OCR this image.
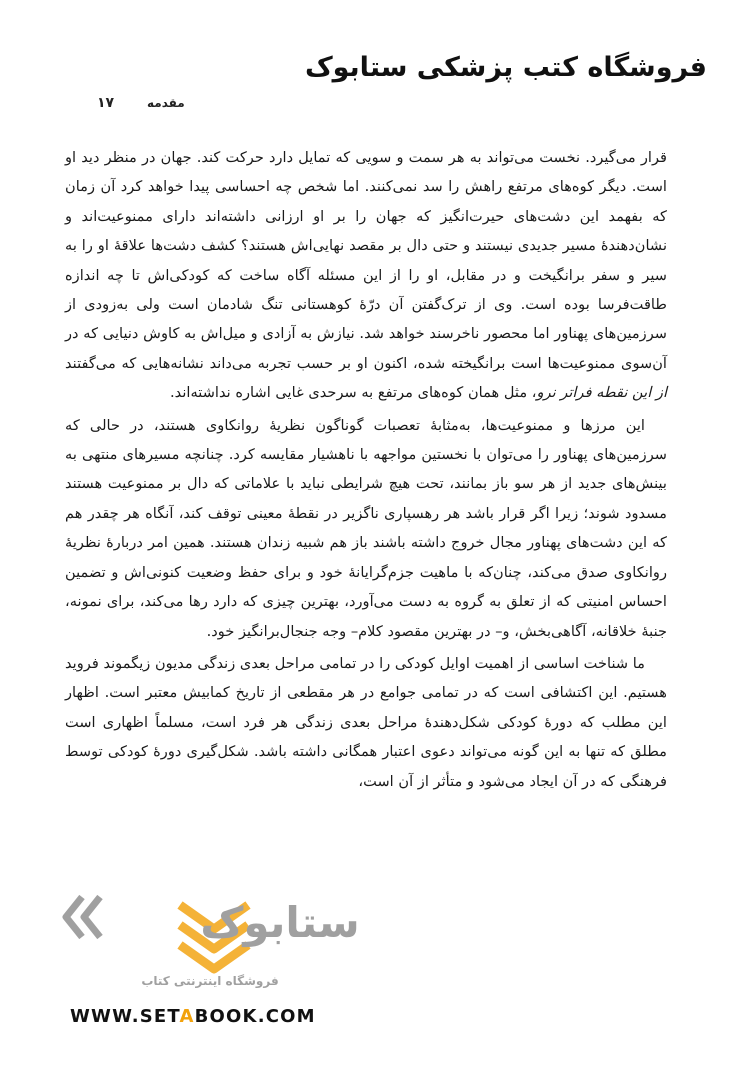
فروشگاه کتب پزشکی ستابوک
مقدمه
۱۷

قرار می‌گیرد. نخست می‌تواند به هر سمت و سویی که تمایل دارد حرکت کند. جهان در منظر دید او است. دیگر کوه‌های مرتفع راهش را سد نمی‌کنند. اما شخص چه احساسی پیدا خواهد کرد آن زمان که بفهمد این دشت‌های حیرت‌انگیز که جهان را بر او ارزانی داشته‌اند دارای ممنوعیت‌اند و نشان‌دهندهٔ مسیر جدیدی نیستند و حتی دال بر مقصد نهایی‌اش هستند؟ کشف دشت‌ها علاقهٔ او را به سیر و سفر برانگیخت و در مقابل، او را از این مسئله آگاه ساخت که کودکی‌اش تا چه اندازه طاقت‌فرسا بوده است. وی از ترک‌گفتن آن درّهٔ کوهستانی تنگ شادمان است ولی به‌زودی از سرزمین‌های پهناور اما محصور ناخرسند خواهد شد. نیازش به آزادی و میل‌اش به کاوش دنیایی که در آن‌سوی ممنوعیت‌ها است برانگیخته شده، اکنون او بر حسب تجربه می‌داند نشانه‌هایی که می‌گفتند از این نقطه فراتر نرو، مثل همان کوه‌های مرتفع به سرحدی غایی اشاره نداشته‌اند.

این مرزها و ممنوعیت‌ها، به‌مثابهٔ تعصبات گوناگون نظریهٔ روانکاوی هستند، در حالی که سرزمین‌های پهناور را می‌توان با نخستین مواجهه با ناهشیار مقایسه کرد. چنانچه مسیرهای منتهی به بینش‌های جدید از هر سو باز بمانند، تحت هیچ شرایطی نباید با علاماتی که دال بر ممنوعیت هستند مسدود شوند؛ زیرا اگر قرار باشد هر رهسپاری ناگزیر در نقطهٔ معینی توقف کند، آنگاه هر چقدر هم که این دشت‌های پهناور مجال خروج داشته باشند باز هم شبیه زندان هستند. همین امر دربارهٔ نظریهٔ روانکاوی صدق می‌کند، چنان‌که با ماهیت جزم‌گرایانهٔ خود و برای حفظ وضعیت کنونی‌اش و تضمین احساس امنیتی که از تعلق به گروه به دست می‌آورد، بهترین چیزی که دارد رها می‌کند، برای نمونه، جنبهٔ خلاقانه، آگاهی‌بخش، و– در بهترین مقصود کلام– وجه جنجال‌برانگیز خود.

ما شناخت اساسی از اهمیت اوایل کودکی را در تمامی مراحل بعدی زندگی مدیون زیگموند فروید هستیم. این اکتشافی است که در تمامی جوامع در هر مقطعی از تاریخ کمابیش معتبر است. اظهار این مطلب که دورهٔ کودکی شکل‌دهندهٔ مراحل بعدی زندگی هر فرد است، مسلماً اظهاری است مطلق که تنها به این گونه می‌تواند دعوی اعتبار همگانی داشته باشد. شکل‌گیری دورهٔ کودکی توسط فرهنگی که در آن ایجاد می‌شود و متأثر از آن است،

ستابوک
فروشگاه اینترنتی کتاب
WWW.SETABOOK.COM
